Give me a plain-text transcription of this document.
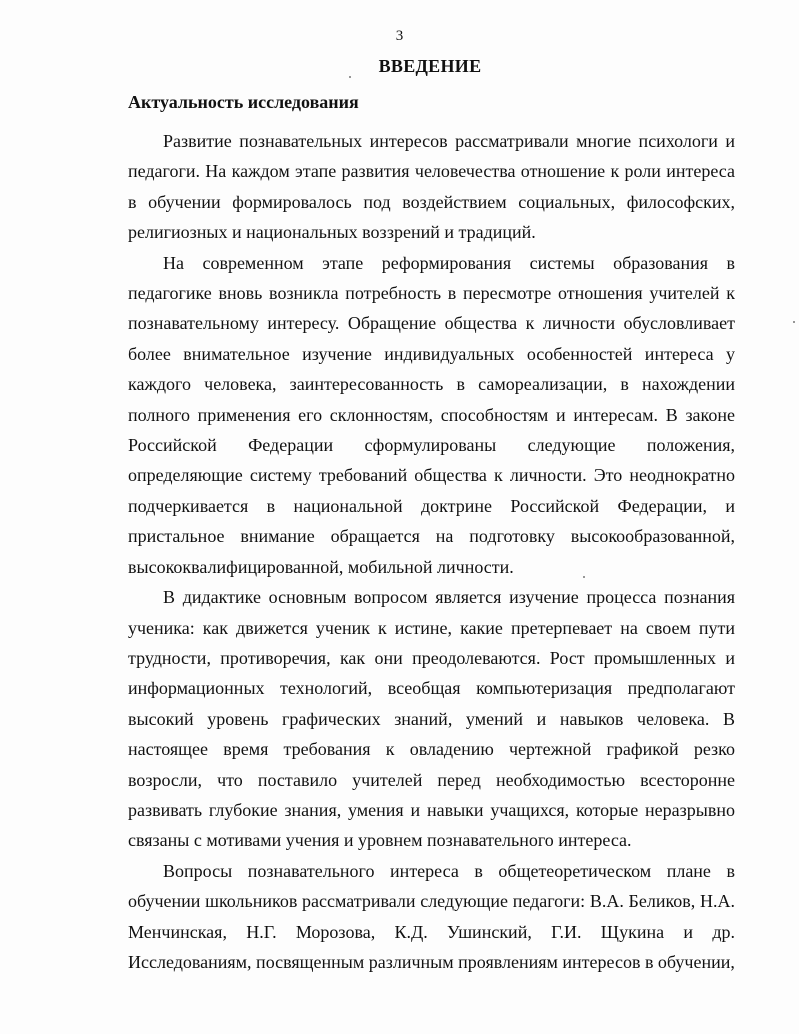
3
ВВЕДЕНИЕ
Актуальность исследования

Развитие познавательных интересов рассматривали многие психологи и педагоги. На каждом этапе развития человечества отношение к роли интереса в обучении формировалось под воздействием социальных, философских, религиозных и национальных воззрений и традиций.

На современном этапе реформирования системы образования в педагогике вновь возникла потребность в пересмотре отношения учителей к познавательному интересу. Обращение общества к личности обусловливает более внимательное изучение индивидуальных особенностей интереса у каждого человека, заинтересованность в самореализации, в нахождении полного применения его склонностям, способностям и интересам. В законе Российской Федерации сформулированы следующие положения, определяющие систему требований общества к личности. Это неоднократно подчеркивается в национальной доктрине Российской Федерации, и пристальное внимание обращается на подготовку высокообразованной, высококвалифицированной, мобильной личности.

В дидактике основным вопросом является изучение процесса познания ученика: как движется ученик к истине, какие претерпевает на своем пути трудности, противоречия, как они преодолеваются. Рост промышленных и информационных технологий, всеобщая компьютеризация предполагают высокий уровень графических знаний, умений и навыков человека. В настоящее время требования к овладению чертежной графикой резко возросли, что поставило учителей перед необходимостью всесторонне развивать глубокие знания, умения и навыки учащихся, которые неразрывно связаны с мотивами учения и уровнем познавательного интереса.

Вопросы познавательного интереса в общетеоретическом плане в обучении школьников рассматривали следующие педагоги: В.А. Беликов, Н.А. Менчинская, Н.Г. Морозова, К.Д. Ушинский, Г.И. Щукина и др. Исследованиям, посвященным различным проявлениям интересов в обучении,
